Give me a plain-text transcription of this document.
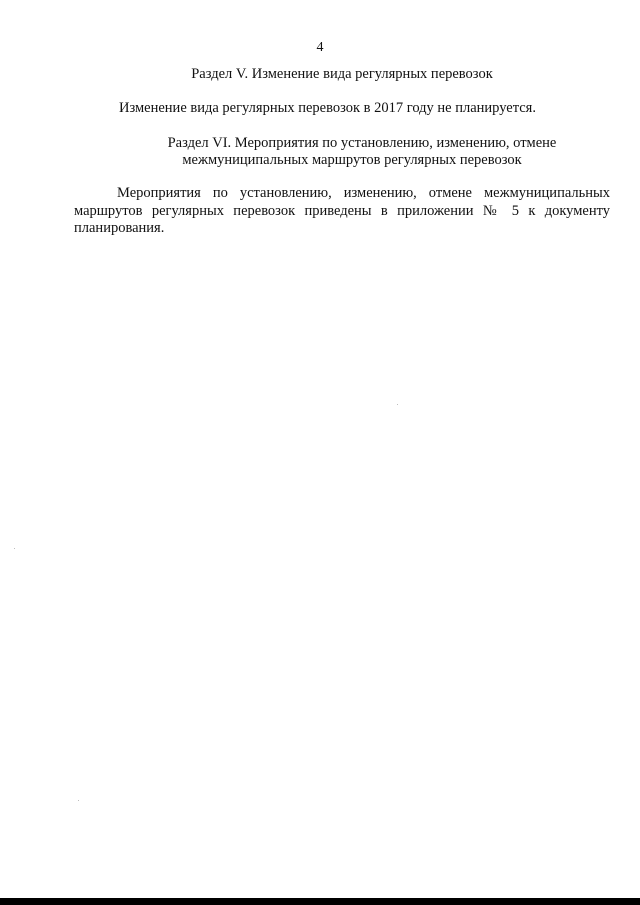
4
Раздел V. Изменение вида регулярных перевозок
Изменение вида регулярных перевозок в 2017 году не планируется.
Раздел VI. Мероприятия по установлению, изменению, отмене
межмуниципальных маршрутов регулярных перевозок
Мероприятия по установлению, изменению, отмене межмуниципальных маршрутов регулярных перевозок приведены в приложении № 5 к документу планирования.
